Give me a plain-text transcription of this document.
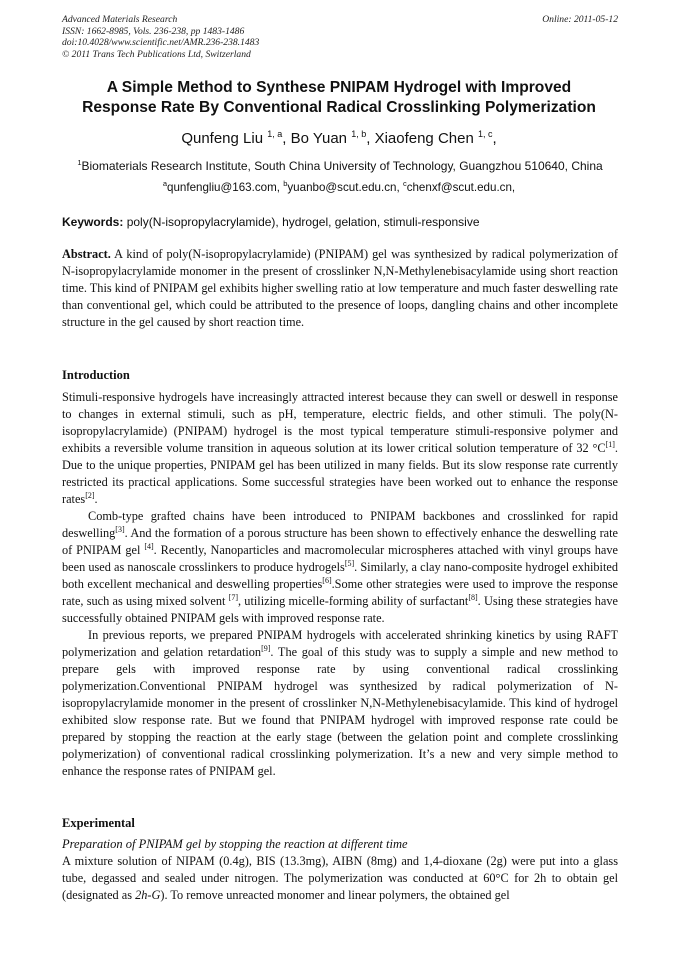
Advanced Materials Research	Online: 2011-05-12
ISSN: 1662-8985, Vols. 236-238, pp 1483-1486
doi:10.4028/www.scientific.net/AMR.236-238.1483
© 2011 Trans Tech Publications Ltd, Switzerland
A Simple Method to Synthese PNIPAM Hydrogel with Improved
Response Rate By Conventional Radical Crosslinking Polymerization
Qunfeng Liu $^{1, a}$, Bo Yuan $^{1, b}$, Xiaofeng Chen $^{1, c}$,
$^1$Biomaterials Research Institute, South China University of Technology, Guangzhou 510640, China
$^a$qunfengliu@163.com, $^b$yuanbo@scut.edu.cn, $^c$chenxf@scut.edu.cn,
Keywords: poly(N-isopropylacrylamide), hydrogel, gelation, stimuli-responsive

Abstract. A kind of poly(N-isopropylacrylamide) (PNIPAM) gel was synthesized by radical polymerization of N-isopropylacrylamide monomer in the present of crosslinker N,N-Methylenebisacylamide using short reaction time. This kind of PNIPAM gel exhibits higher swelling ratio at low temperature and much faster deswelling rate than conventional gel, which could be attributed to the presence of loops, dangling chains and other incomplete structure in the gel caused by short reaction time.

Introduction

Stimuli-responsive hydrogels have increasingly attracted interest because they can swell or deswell in response to changes in external stimuli, such as pH, temperature, electric fields, and other stimuli. The poly(N-isopropylacrylamide) (PNIPAM) hydrogel is the most typical temperature stimuli-responsive polymer and exhibits a reversible volume transition in aqueous solution at its lower critical solution temperature of 32 °C[1]. Due to the unique properties, PNIPAM gel has been utilized in many fields. But its slow response rate currently restricted its practical applications. Some successful strategies have been worked out to enhance the response rates[2].

Comb-type grafted chains have been introduced to PNIPAM backbones and crosslinked for rapid deswelling[3]. And the formation of a porous structure has been shown to effectively enhance the deswelling rate of PNIPAM gel [4]. Recently, Nanoparticles and macromolecular microspheres attached with vinyl groups have been used as nanoscale crosslinkers to produce hydrogels[5]. Similarly, a clay nano-composite hydrogel exhibited both excellent mechanical and deswelling properties[6].Some other strategies were used to improve the response rate, such as using mixed solvent [7], utilizing micelle-forming ability of surfactant[8]. Using these strategies have successfully obtained PNIPAM gels with improved response rate.

In previous reports, we prepared PNIPAM hydrogels with accelerated shrinking kinetics by using RAFT polymerization and gelation retardation[9]. The goal of this study was to supply a simple and new method to prepare gels with improved response rate by using conventional radical crosslinking polymerization.Conventional PNIPAM hydrogel was synthesized by radical polymerization of N-isopropylacrylamide monomer in the present of crosslinker N,N-Methylenebisacylamide. This kind of hydrogel exhibited slow response rate. But we found that PNIPAM hydrogel with improved response rate could be prepared by stopping the reaction at the early stage (between the gelation point and complete crosslinking polymerization) of conventional radical crosslinking polymerization. It’s a new and very simple method to enhance the response rates of PNIPAM gel.

Experimental
Preparation of PNIPAM gel by stopping the reaction at different time

A mixture solution of NIPAM (0.4g), BIS (13.3mg), AIBN (8mg) and 1,4-dioxane (2g) were put into a glass tube, degassed and sealed under nitrogen. The polymerization was conducted at 60°C for 2h to obtain gel (designated as 2h-G). To remove unreacted monomer and linear polymers, the obtained gel
